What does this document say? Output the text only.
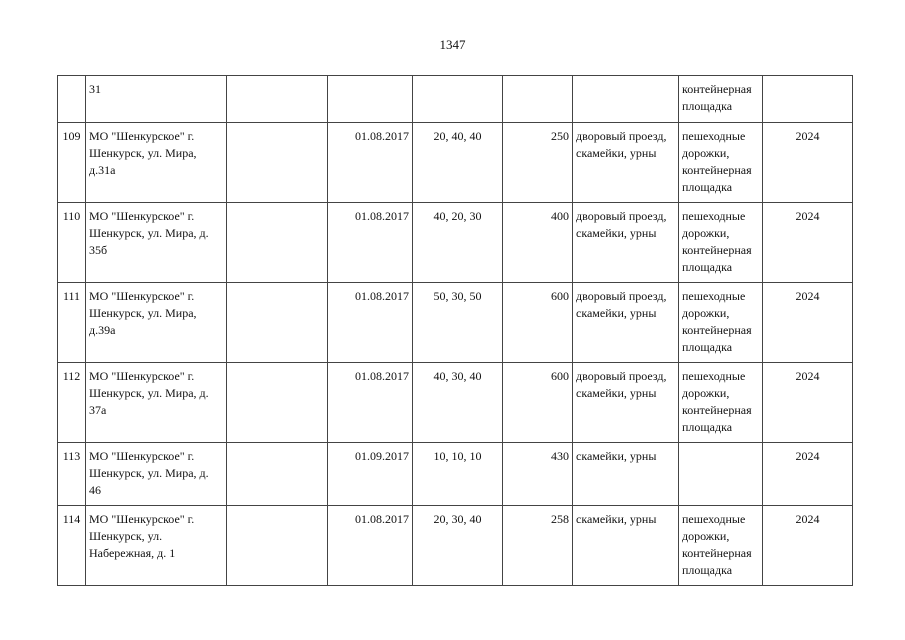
1347
	31						контейнерная площадка	
109	МО "Шенкурское" г. Шенкурск, ул. Мира, д.31а		01.08.2017	20, 40, 40	250	дворовый проезд, скамейки, урны	пешеходные дорожки, контейнерная площадка	2024
110	МО "Шенкурское" г. Шенкурск, ул. Мира, д. 35б		01.08.2017	40, 20, 30	400	дворовый проезд, скамейки, урны	пешеходные дорожки, контейнерная площадка	2024
111	МО "Шенкурское" г. Шенкурск, ул. Мира, д.39а		01.08.2017	50, 30, 50	600	дворовый проезд, скамейки, урны	пешеходные дорожки, контейнерная площадка	2024
112	МО "Шенкурское" г. Шенкурск, ул. Мира, д. 37а		01.08.2017	40, 30, 40	600	дворовый проезд, скамейки, урны	пешеходные дорожки, контейнерная площадка	2024
113	МО "Шенкурское" г. Шенкурск, ул. Мира, д. 46		01.09.2017	10, 10, 10	430	скамейки, урны		2024
114	МО "Шенкурское" г. Шенкурск, ул. Набережная, д. 1		01.08.2017	20, 30, 40	258	скамейки, урны	пешеходные дорожки, контейнерная площадка	2024
